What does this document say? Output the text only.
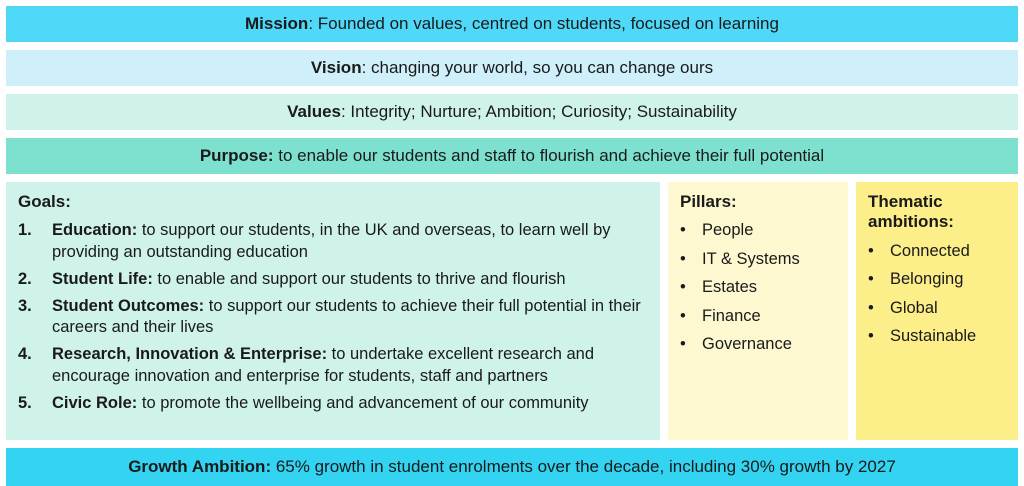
Mission: Founded on values, centred on students, focused on learning
Vision: changing your world, so you can change ours
Values: Integrity; Nurture; Ambition; Curiosity; Sustainability
Purpose: to enable our students and staff to flourish and achieve their full potential
Goals:
1.	Education: to support our students, in the UK and overseas, to learn well by providing an outstanding education
2.	Student Life: to enable and support our students to thrive and flourish
3.	Student Outcomes: to support our students to achieve their full potential in their careers and their lives
4.	Research, Innovation & Enterprise: to undertake excellent research and encourage innovation and enterprise for students, staff and partners
5.	Civic Role: to promote the wellbeing and advancement of our community
Pillars:
• People
• IT & Systems
• Estates
• Finance
• Governance
Thematic ambitions:
• Connected
• Belonging
• Global
• Sustainable
Growth Ambition: 65% growth in student enrolments over the decade, including 30% growth by 2027
